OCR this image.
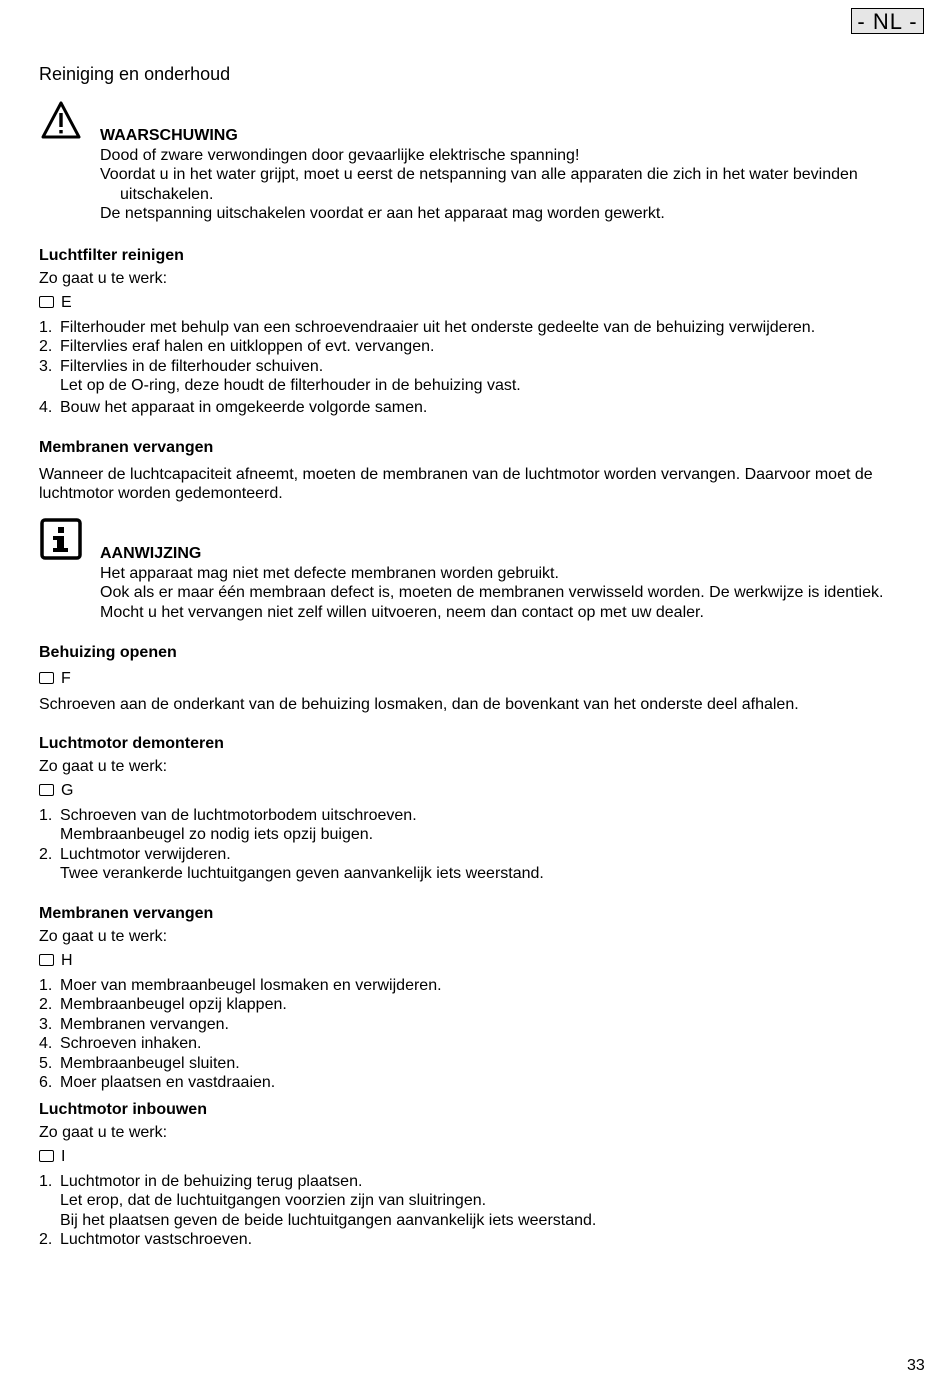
- NL -
Reiniging en onderhoud
WAARSCHUWING
Dood of zware verwondingen door gevaarlijke elektrische spanning!
Voordat u in het water grijpt, moet u eerst de netspanning van alle apparaten die zich in het water bevinden
uitschakelen.
De netspanning uitschakelen voordat er aan het apparaat mag worden gewerkt.
Luchtfilter reinigen
Zo gaat u te werk:
E
1. Filterhouder met behulp van een schroevendraaier uit het onderste gedeelte van de behuizing verwijderen.
2. Filtervlies eraf halen en uitkloppen of evt. vervangen.
3. Filtervlies in de filterhouder schuiven.
Let op de O-ring, deze houdt de filterhouder in de behuizing vast.
4. Bouw het apparaat in omgekeerde volgorde samen.
Membranen vervangen
Wanneer de luchtcapaciteit afneemt, moeten de membranen van de luchtmotor worden vervangen. Daarvoor moet de
luchtmotor worden gedemonteerd.
AANWIJZING
Het apparaat mag niet met defecte membranen worden gebruikt.
Ook als er maar één membraan defect is, moeten de membranen verwisseld worden. De werkwijze is identiek.
Mocht u het vervangen niet zelf willen uitvoeren, neem dan contact op met uw dealer.
Behuizing openen
F
Schroeven aan de onderkant van de behuizing losmaken, dan de bovenkant van het onderste deel afhalen.
Luchtmotor demonteren
Zo gaat u te werk:
G
1. Schroeven van de luchtmotorbodem uitschroeven.
Membraanbeugel zo nodig iets opzij buigen.
2. Luchtmotor verwijderen.
Twee verankerde luchtuitgangen geven aanvankelijk iets weerstand.
Membranen vervangen
Zo gaat u te werk:
H
1. Moer van membraanbeugel losmaken en verwijderen.
2. Membraanbeugel opzij klappen.
3. Membranen vervangen.
4. Schroeven inhaken.
5. Membraanbeugel sluiten.
6. Moer plaatsen en vastdraaien.
Luchtmotor inbouwen
Zo gaat u te werk:
I
1. Luchtmotor in de behuizing terug plaatsen.
Let erop, dat de luchtuitgangen voorzien zijn van sluitringen.
Bij het plaatsen geven de beide luchtuitgangen aanvankelijk iets weerstand.
2. Luchtmotor vastschroeven.
33
